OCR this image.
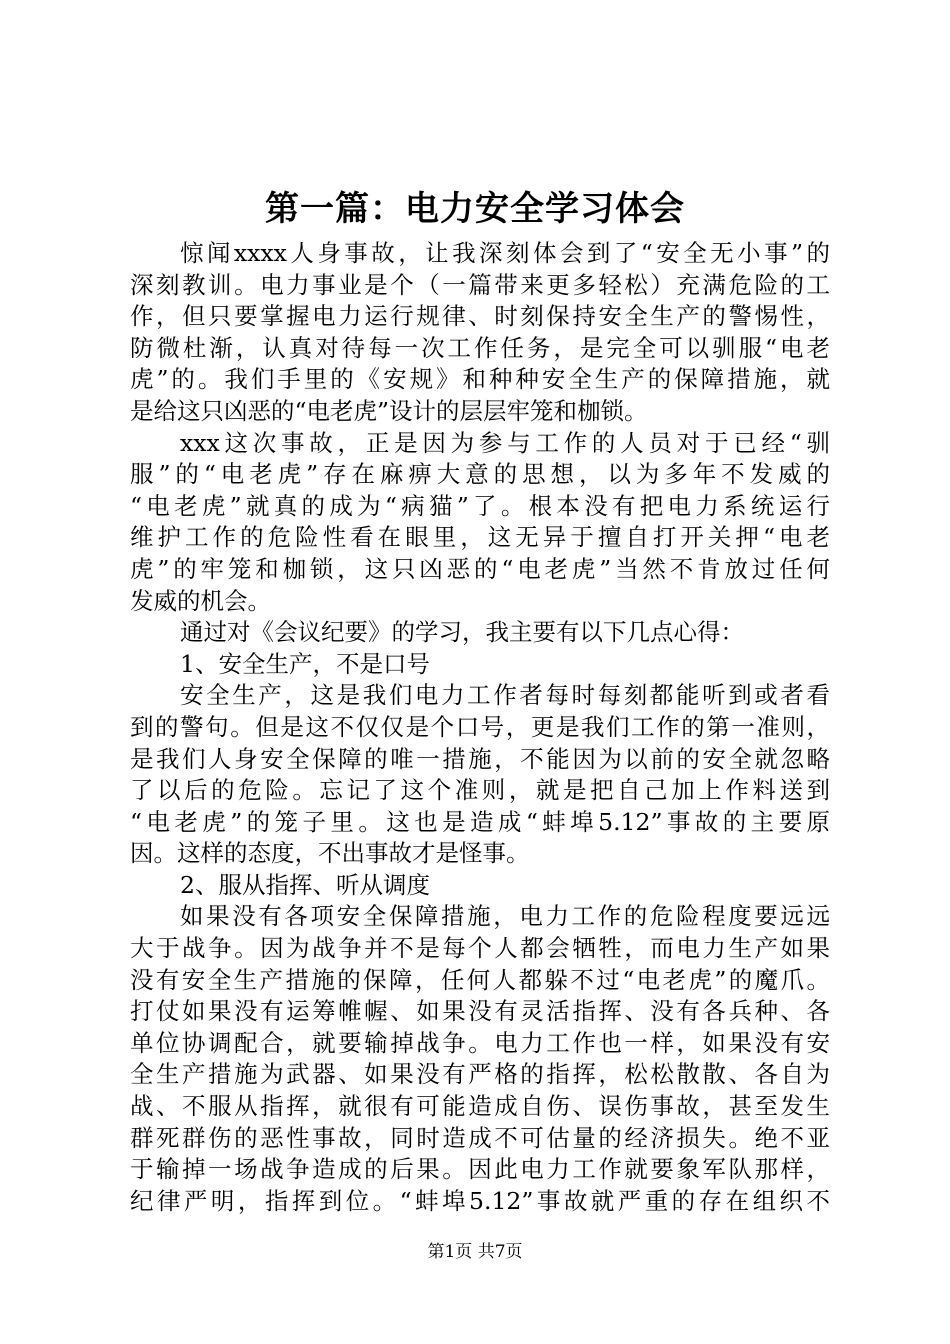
第一篇：电力安全学习体会
惊闻xxxx人身事故，让我深刻体会到了“安全无小事”的
深刻教训。电力事业是个（一篇带来更多轻松）充满危险的工
作，但只要掌握电力运行规律、时刻保持安全生产的警惕性，
防微杜渐，认真对待每一次工作任务，是完全可以驯服“电老
虎”的。我们手里的《安规》和种种安全生产的保障措施，就
是给这只凶恶的“电老虎”设计的层层牢笼和枷锁。
xxx这次事故，正是因为参与工作的人员对于已经“驯
服”的“电老虎”存在麻痹大意的思想，以为多年不发威的
“电老虎”就真的成为“病猫”了。根本没有把电力系统运行
维护工作的危险性看在眼里，这无异于擅自打开关押“电老
虎”的牢笼和枷锁，这只凶恶的“电老虎”当然不肯放过任何
发威的机会。
通过对《会议纪要》的学习，我主要有以下几点心得：
1、安全生产，不是口号
安全生产，这是我们电力工作者每时每刻都能听到或者看
到的警句。但是这不仅仅是个口号，更是我们工作的第一准则，
是我们人身安全保障的唯一措施，不能因为以前的安全就忽略
了以后的危险。忘记了这个准则，就是把自己加上作料送到
“电老虎”的笼子里。这也是造成“蚌埠5.12”事故的主要原
因。这样的态度，不出事故才是怪事。
2、服从指挥、听从调度
如果没有各项安全保障措施，电力工作的危险程度要远远
大于战争。因为战争并不是每个人都会牺牲，而电力生产如果
没有安全生产措施的保障，任何人都躲不过“电老虎”的魔爪。
打仗如果没有运筹帷幄、如果没有灵活指挥、没有各兵种、各
单位协调配合，就要输掉战争。电力工作也一样，如果没有安
全生产措施为武器、如果没有严格的指挥，松松散散、各自为
战、不服从指挥，就很有可能造成自伤、误伤事故，甚至发生
群死群伤的恶性事故，同时造成不可估量的经济损失。绝不亚
于输掉一场战争造成的后果。因此电力工作就要象军队那样，
纪律严明，指挥到位。“蚌埠5.12”事故就严重的存在组织不
第1页 共7页
